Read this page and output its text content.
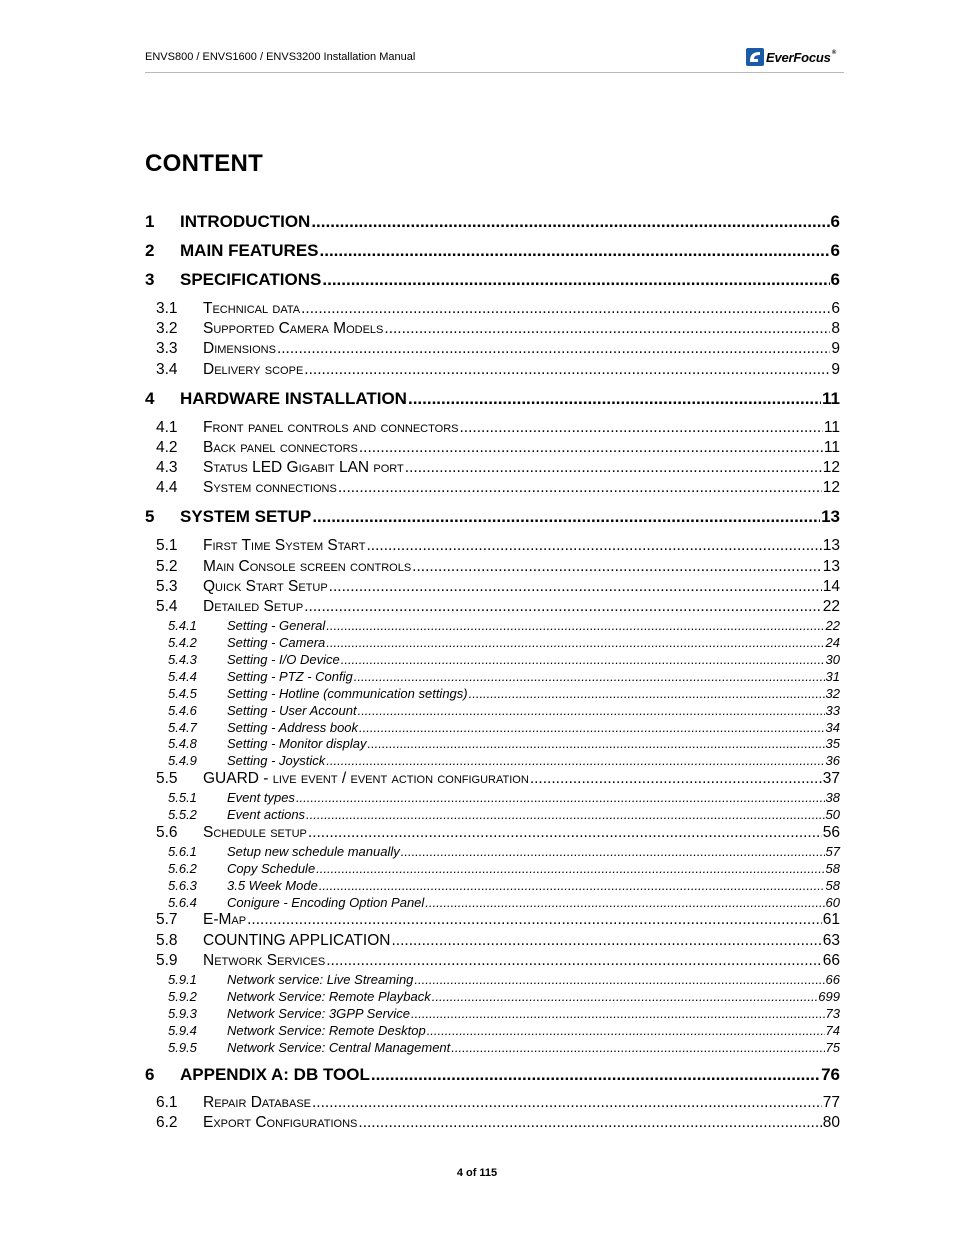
ENVS800 / ENVS1600 / ENVS3200 Installation Manual	EverFocus®
CONTENT
1 INTRODUCTION .....	6
2 MAIN FEATURES .....	6
3 SPECIFICATIONS .....	6
3.1 Technical data .....	6
3.2 Supported Camera Models .....	8
3.3 Dimensions .....	9
3.4 Delivery scope .....	9
4 HARDWARE INSTALLATION .....	11
4.1 Front panel controls and connectors .....	11
4.2 Back panel connectors .....	11
4.3 Status LED Gigabit LAN port .....	12
4.4 System connections .....	12
5 SYSTEM SETUP .....	13
5.1 First Time System Start .....	13
5.2 Main Console screen controls .....	13
5.3 Quick Start Setup .....	14
5.4 Detailed Setup .....	22
5.4.1 Setting - General .....	22
5.4.2 Setting - Camera .....	24
5.4.3 Setting - I/O Device .....	30
5.4.4 Setting - PTZ - Config .....	31
5.4.5 Setting - Hotline (communication settings) .....	32
5.4.6 Setting - User Account .....	33
5.4.7 Setting - Address book .....	34
5.4.8 Setting - Monitor display .....	35
5.4.9 Setting - Joystick .....	36
5.5 GUARD - live event / event action configuration .....	37
5.5.1 Event types .....	38
5.5.2 Event actions .....	50
5.6 Schedule setup .....	56
5.6.1 Setup new schedule manually .....	57
5.6.2 Copy Schedule .....	58
5.6.3 3.5 Week Mode .....	58
5.6.4 Conigure - Encoding Option Panel .....	60
5.7 E-Map .....	61
5.8 COUNTING APPLICATION .....	63
5.9 Network Services .....	66
5.9.1 Network service: Live Streaming .....	66
5.9.2 Network Service: Remote Playback .....	699
5.9.3 Network Service: 3GPP Service .....	73
5.9.4 Network Service: Remote Desktop .....	74
5.9.5 Network Service: Central Management .....	75
6 APPENDIX A: DB TOOL .....	76
6.1 Repair Database .....	77
6.2 Export Configurations .....	80
4 of 115
